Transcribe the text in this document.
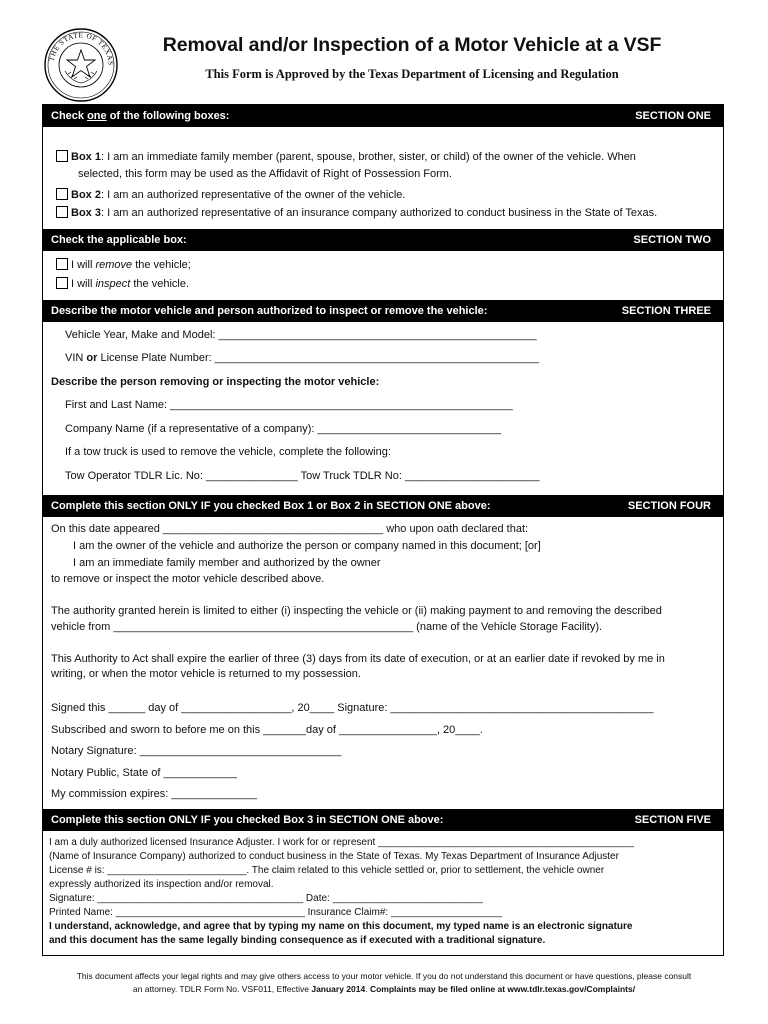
THE STATE OF TEXAS
Removal and/or Inspection of a Motor Vehicle at a VSF
This Form is Approved by the Texas Department of Licensing and Regulation
Check one of the following boxes:	SECTION ONE
Box 1: I am an immediate family member (parent, spouse, brother, sister, or child) of the owner of the vehicle. When
selected, this form may be used as the Affidavit of Right of Possession Form.
Box 2: I am an authorized representative of the owner of the vehicle.
Box 3: I am an authorized representative of an insurance company authorized to conduct business in the State of Texas.
Check the applicable box:	SECTION TWO
I will remove the vehicle;
I will inspect the vehicle.
Describe the motor vehicle and person authorized to inspect or remove the vehicle:	SECTION THREE
Vehicle Year, Make and Model: ____________________________________________________
VIN or License Plate Number: _____________________________________________________
Describe the person removing or inspecting the motor vehicle:
First and Last Name: ________________________________________________________
Company Name (if a representative of a company): ______________________________
If a tow truck is used to remove the vehicle, complete the following:
Tow Operator TDLR Lic. No: _______________ Tow Truck TDLR No: ______________________
Complete this section ONLY IF you checked Box 1 or Box 2 in SECTION ONE above:	SECTION FOUR
On this date appeared ____________________________________ who upon oath declared that:
I am the owner of the vehicle and authorize the person or company named in this document; [or]
I am an immediate family member and authorized by the owner
to remove or inspect the motor vehicle described above.
The authority granted herein is limited to either (i) inspecting the vehicle or (ii) making payment to and removing the described
vehicle from _________________________________________________ (name of the Vehicle Storage Facility).
This Authority to Act shall expire the earlier of three (3) days from its date of execution, or at an earlier date if revoked by me in
writing, or when the motor vehicle is returned to my possession.
Signed this ______ day of __________________, 20____ Signature: ___________________________________________
Subscribed and sworn to before me on this _______day of ________________, 20____.
Notary Signature: _________________________________
Notary Public, State of ____________
My commission expires: ______________
Complete this section ONLY IF you checked Box 3 in SECTION ONE above:	SECTION FIVE
I am a duly authorized licensed Insurance Adjuster. I work for or represent ______________________________________________
(Name of Insurance Company) authorized to conduct business in the State of Texas. My Texas Department of Insurance Adjuster
License # is: _________________________. The claim related to this vehicle settled or, prior to settlement, the vehicle owner
expressly authorized its inspection and/or removal.
Signature: _____________________________________ Date: ___________________________
Printed Name: __________________________________ Insurance Claim#: ____________________
I understand, acknowledge, and agree that by typing my name on this document, my typed name is an electronic signature
and this document has the same legally binding consequence as if executed with a traditional signature.
This document affects your legal rights and may give others access to your motor vehicle. If you do not understand this document or have questions, please consult
an attorney. TDLR Form No. VSF011, Effective January 2014. Complaints may be filed online at www.tdlr.texas.gov/Complaints/
